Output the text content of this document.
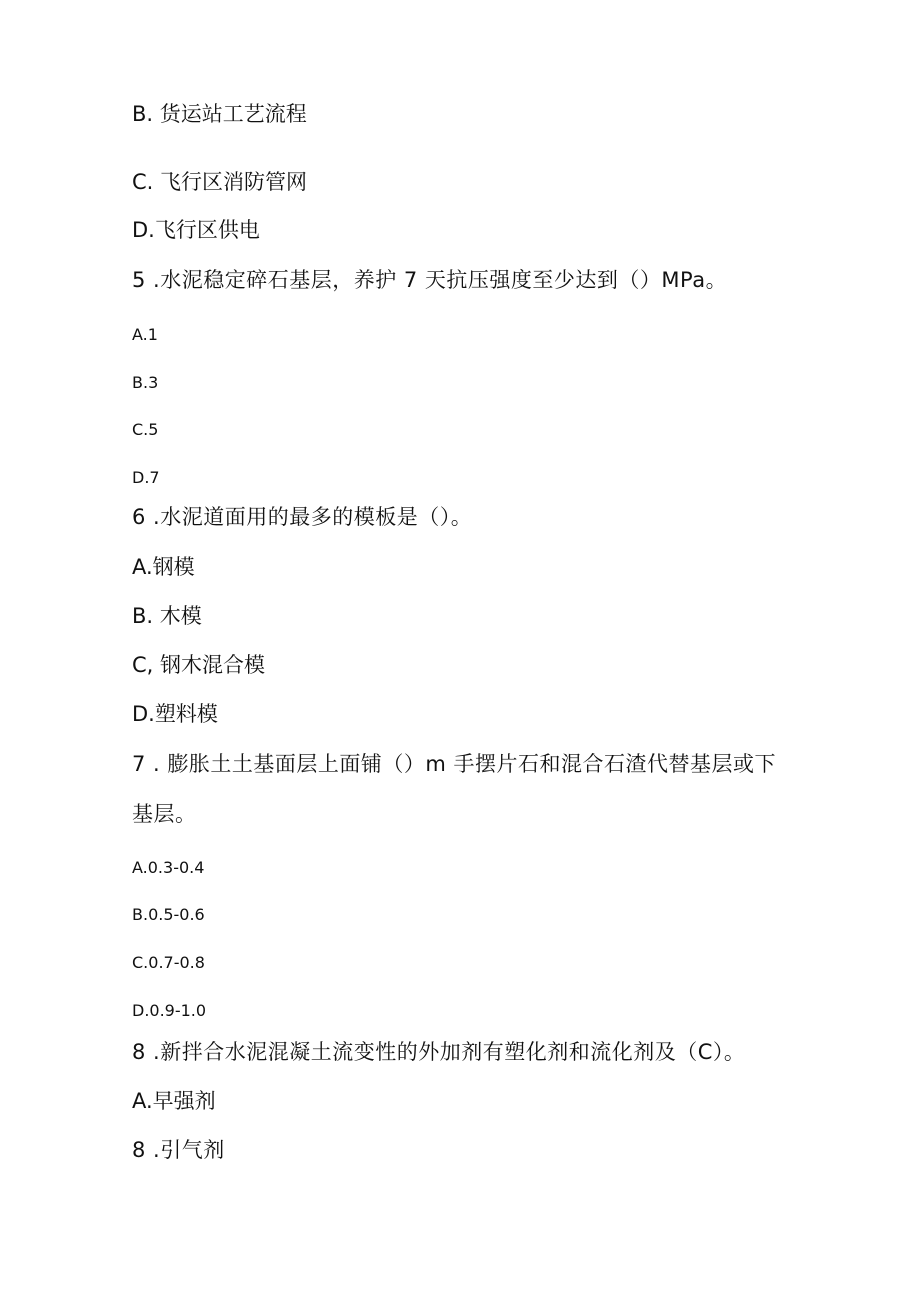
B. 货运站工艺流程
C. 飞行区消防管网
D.飞行区供电
5 .水泥稳定碎石基层，养护 7 天抗压强度至少达到（）MPa。
A.1
B.3
C.5
D.7
6 .水泥道面用的最多的模板是（）。
A.钢模
B. 木模
C, 钢木混合模
D.塑料模
7 . 膨胀土土基面层上面铺（）m 手摆片石和混合石渣代替基层或下
基层。
A.0.3-0.4
B.0.5-0.6
C.0.7-0.8
D.0.9-1.0
8 .新拌合水泥混凝土流变性的外加剂有塑化剂和流化剂及（C）。
A.早强剂
8 .引气剂
